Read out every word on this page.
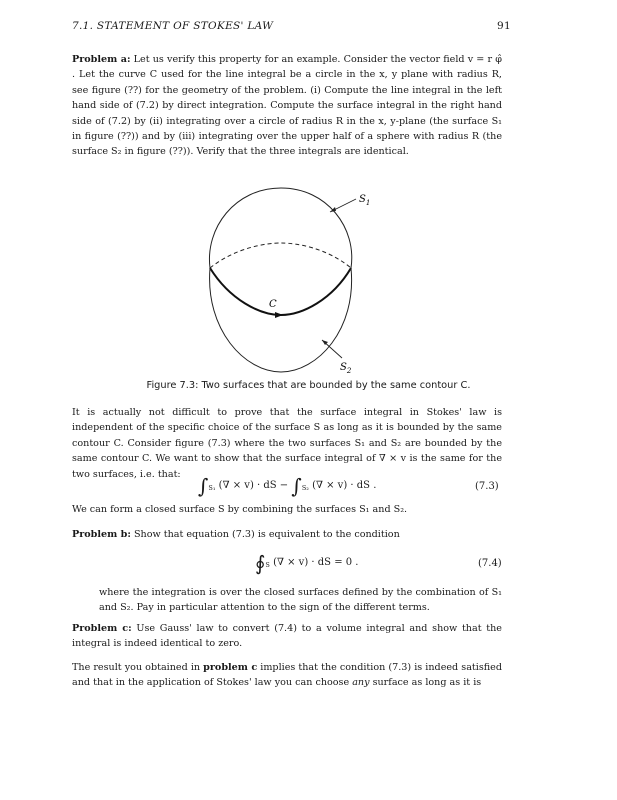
7.1. STATEMENT OF STOKES' LAW	91

Problem a: Let us verify this property for an example. Consider the vector field v = r φ̂ . Let the curve C used for the line integral be a circle in the x, y plane with radius R, see figure (??) for the geometry of the problem. (i) Compute the line integral in the left hand side of (7.2) by direct integration. Compute the surface integral in the right hand side of (7.2) by (ii) integrating over a circle of radius R in the x, y-plane (the surface S₁ in figure (??)) and by (iii) integrating over the upper half of a sphere with radius R (the surface S₂ in figure (??)). Verify that the three integrals are identical.

$S_1$
C
$S_2$
Figure 7.3: Two surfaces that are bounded by the same contour C.

It is actually not difficult to prove that the surface integral in Stokes' law is independent of the specific choice of the surface S as long as it is bounded by the same contour C. Consider figure (7.3) where the two surfaces S₁ and S₂ are bounded by the same contour C. We want to show that the surface integral of ∇ × v is the same for the two surfaces, i.e. that: $\int_{S_1}$ (∇ × v) · dS − $\int_{S_2}$ (∇ × v) · dS .	(7.3)

We can form a closed surface S by combining the surfaces S₁ and S₂.

Problem b: Show that equation (7.3) is equivalent to the condition

$∮_S$ (∇ × v) · dS = 0 .	(7.4)

where the integration is over the closed surfaces defined by the combination of S₁ and S₂. Pay in particular attention to the sign of the different terms.

Problem c: Use Gauss' law to convert (7.4) to a volume integral and show that the integral is indeed identical to zero.

The result you obtained in problem c implies that the condition (7.3) is indeed satisfied and that in the application of Stokes' law you can choose any surface as long as it is
